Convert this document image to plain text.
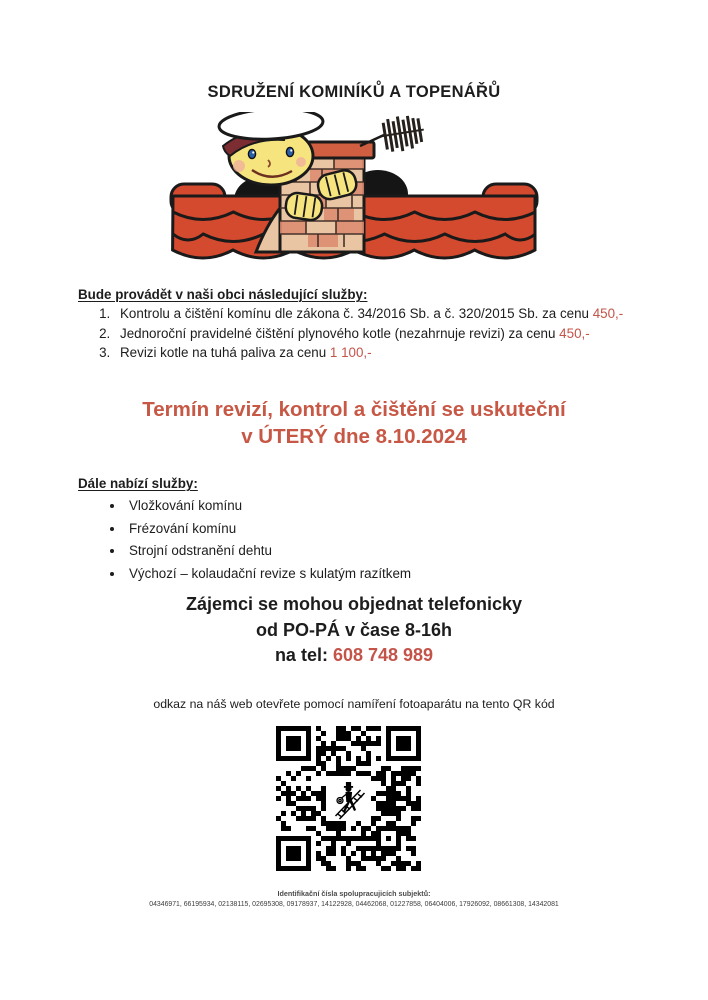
SDRUŽENÍ KOMINÍKŮ A TOPENÁŘŮ
Bude provádět v naši obci následující služby:
1. Kontrolu a čištění komínu dle zákona č. 34/2016 Sb. a č. 320/2015 Sb. za cenu 450,-
2. Jednoroční pravidelné čištění plynového kotle (nezahrnuje revizi) za cenu 450,-
3. Revizi kotle na tuhá paliva za cenu 1 100,-
Termín revizí, kontrol a čištění se uskuteční
v ÚTERÝ dne 8.10.2024
Dále nabízí služby:
• Vložkování komínu
• Frézování komínu
• Strojní odstranění dehtu
• Výchozí – kolaudační revize s kulatým razítkem
Zájemci se mohou objednat telefonicky
od PO-PÁ v čase 8-16h
na tel: 608 748 989
odkaz na náš web otevřete pomocí namíření fotoaparátu na tento QR kód
Identifikační čísla spolupracujicích subjektů:
04346971, 66195934, 02138115, 02695308, 09178937, 14122928, 04462068, 01227858, 06404006, 17926092, 08661308, 14342081
